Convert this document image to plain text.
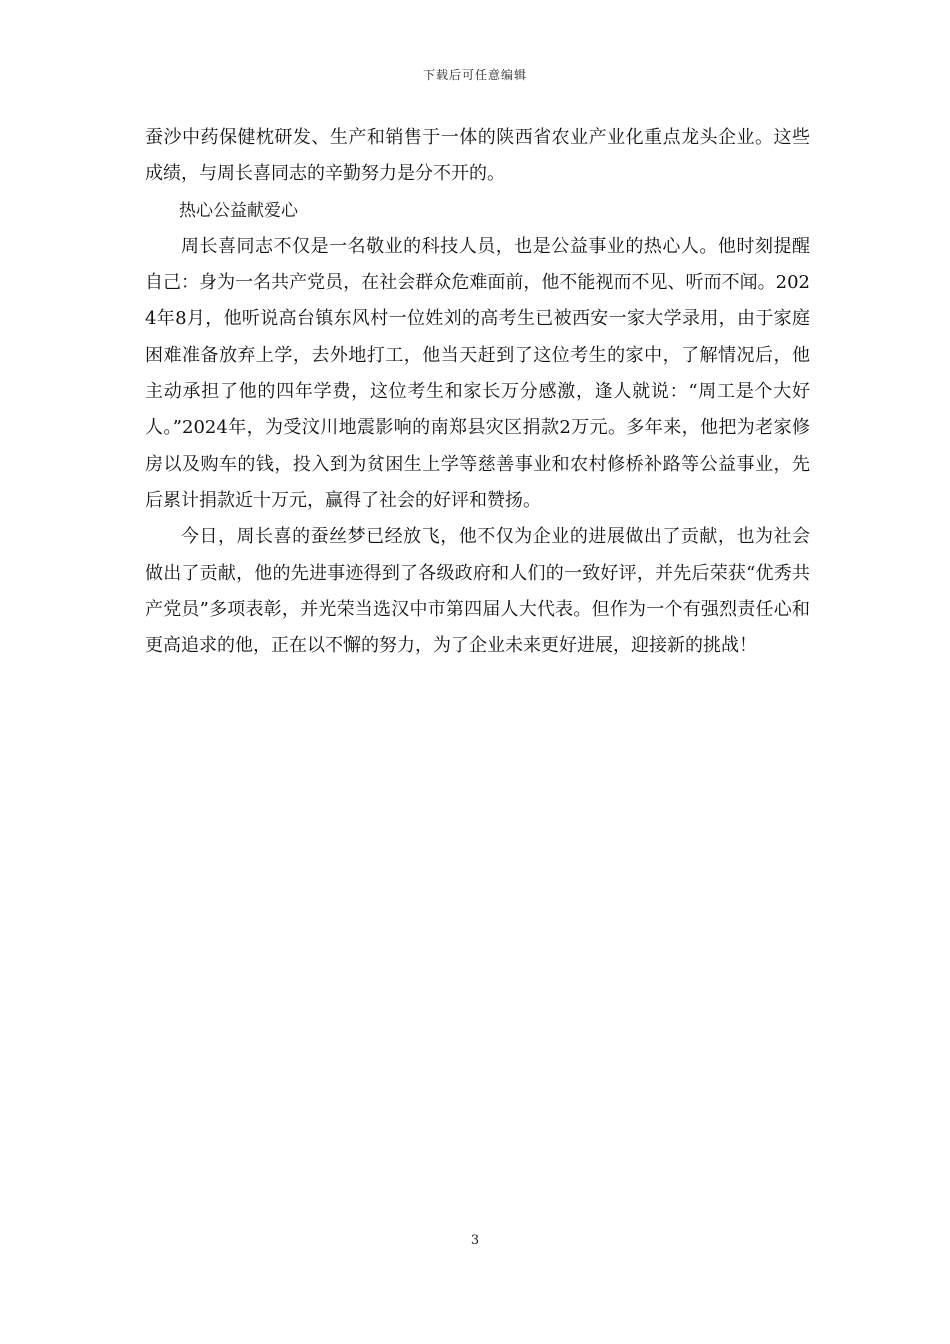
下载后可任意编辑

蚕沙中药保健枕研发、生产和销售于一体的陕西省农业产业化重点龙头企业。这些成绩，与周长喜同志的辛勤努力是分不开的。

热心公益献爱心

周长喜同志不仅是一名敬业的科技人员，也是公益事业的热心人。他时刻提醒自己：身为一名共产党员，在社会群众危难面前，他不能视而不见、听而不闻。2024年8月，他听说高台镇东风村一位姓刘的高考生已被西安一家大学录用，由于家庭困难准备放弃上学，去外地打工，他当天赶到了这位考生的家中，了解情况后，他主动承担了他的四年学费，这位考生和家长万分感激，逢人就说：“周工是个大好人。”2024年，为受汶川地震影响的南郑县灾区捐款2万元。多年来，他把为老家修房以及购车的钱，投入到为贫困生上学等慈善事业和农村修桥补路等公益事业，先后累计捐款近十万元，赢得了社会的好评和赞扬。

今日，周长喜的蚕丝梦已经放飞，他不仅为企业的进展做出了贡献，也为社会做出了贡献，他的先进事迹得到了各级政府和人们的一致好评，并先后荣获“优秀共产党员”多项表彰，并光荣当选汉中市第四届人大代表。但作为一个有强烈责任心和更高追求的他，正在以不懈的努力，为了企业未来更好进展，迎接新的挑战！

3
